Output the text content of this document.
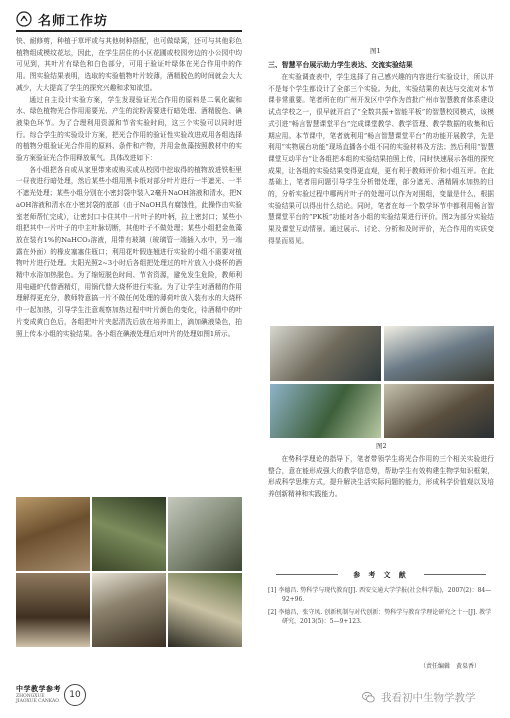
名师工作坊

快、耐修剪，种植于草坪或与其他树种搭配，也可做绿篱，还可与其他彩色植物组成模纹花坛，因此，在学生居住的小区花圃或校园旁边的小公园中均可见到，其叶片有绿色和白色部分，可用于验证叶绿体在光合作用中的作用。图实验结果表明，选取的实验植物叶片较薄，酒精脱色的时间就会大大减少，大大提高了学生的探究兴趣和求知欲望。

通过自主设计实验方案，学生发现验证光合作用的原料是二氧化碳和水、绿色植物光合作用需要光、产生的淀粉需要进行暗处理、酒精脱色、碘液染色环节。为了合理利用资源和节省实验时间，这三个实验可以同时进行。综合学生的实验设计方案，把光合作用的验证性实验改进成用各组选择的植物分组验证光合作用的原料、条件和产物，并用金鱼藻按照教材中的实验方案验证光合作用释放氧气。具体改进如下：

各小组把各自或从家里带来或购买或从校园中挖取得的植物放进铁柜里一昼夜进行暗处理，然后某些小组用黑卡纸对部分叶片进行一半遮光、一半不遮光处理；某些小组分别在小密封袋中装入2毫升NaOH溶液和清水，把NaOH溶液和清水在小密封袋的底部（由于NaOH具有腐蚀性，此操作由实验室老师帮忙完成），让密封口卡住其中一片叶子的叶柄，拉上密封口；某些小组把其中一片叶子的中主叶脉切断，其他叶子不做处理；某些小组把金鱼藻放在装有1%的NaHCO₃溶液，用带有玻璃（玻璃管一端插入水中，另一端露在外面）的橡皮塞塞住瓶口；利用花叶假连翘进行实验的小组不需要对植物叶片进行处理。太阳光照2~3小时后各组把处理过的叶片放入小烧杯的酒精中水浴加热脱色。为了缩短脱色时间、节省资源，避免发生危险，教师利用电磁炉代替酒精灯，用锅代替大烧杯进行实验。为了让学生对酒精的作用理解得更充分，教师特意搞一片不做任何处理的薄荷叶放入装有水的大烧杯中一起加热，引导学生注意观察加热过程中叶片颜色的变化，待酒精中的叶片变成黄白色后，各组把叶片夹起清洗后放在培养皿上，滴加碘液染色，拍照上传本小组的实验结果。各小组在碘液处理后对叶片的处理如图1所示。

图1

三、智慧平台展示助力学生表达、交流实验结果

在实验调查表中，学生选择了自己感兴趣的内容进行实验设计，所以并不是每个学生都设计了全部三个实验。为此，实验结果的表达与交流对本节课非常重要。笔者所在的广州开发区中学作为首批广州市智慧教育体系建设试点学校之一，很早就开启了“全数共振+智能平板”的智慧校园模式，该模式引进“畅言智慧课堂平台”完成课堂教学、教学管理、教学数据的收集和后期应用。本节课中，笔者就利用“畅言智慧课堂平台”的功能开展教学，先是利用“实物展台功能”现场直播各小组不同的实验材料及方法；然后利用“智慧课堂互动平台”让各组把本组的实验结果拍照上传，同时快速展示各组的探究成果，让各组的实验结果变得更直观，更有利于教师评价和小组互评。在此基础上，笔者用问题引导学生分析错处理，部分遮光、酒精隔水加热的目的，分析实验过程中哪两片叶子的处理可以作为对照组，变量是什么，根据实验结果可以得出什么结论。同时，笔者在每一个数学环节中都利用畅言智慧课堂平台的“PK板”功能对各小组的实验结果进行评价。图2为部分实验结果及课堂互动情景。通过展示、讨论、分析和及时评价，光合作用的实质变得显而易见。

图2

在势科学理论的指导下，笔者带领学生将光合作用的三个相关实验进行整合，意在能形成强大的教学信息势，帮助学生有效构建生物学知识框架，形成科学思维方式，提升解决生活实际问题的能力，形成科学价值观以及培养创新精神和实践能力。

参 考 文 献

[1] 李德昌. 势科学与现代教育[J]. 西安交通大学学报(社会科学版)，2007(2)：84—92+96.

[2] 李德昌，张守凤. 创新机制与对代创新：势科学与教育学理论研究之十一[J]. 教学研究，2013(5)：5—9+123.

（责任编辑　黄臬香）
中学教学参考
ZHONGXUE JIAOXUE CANKAO
10	我看初中生物学教学
